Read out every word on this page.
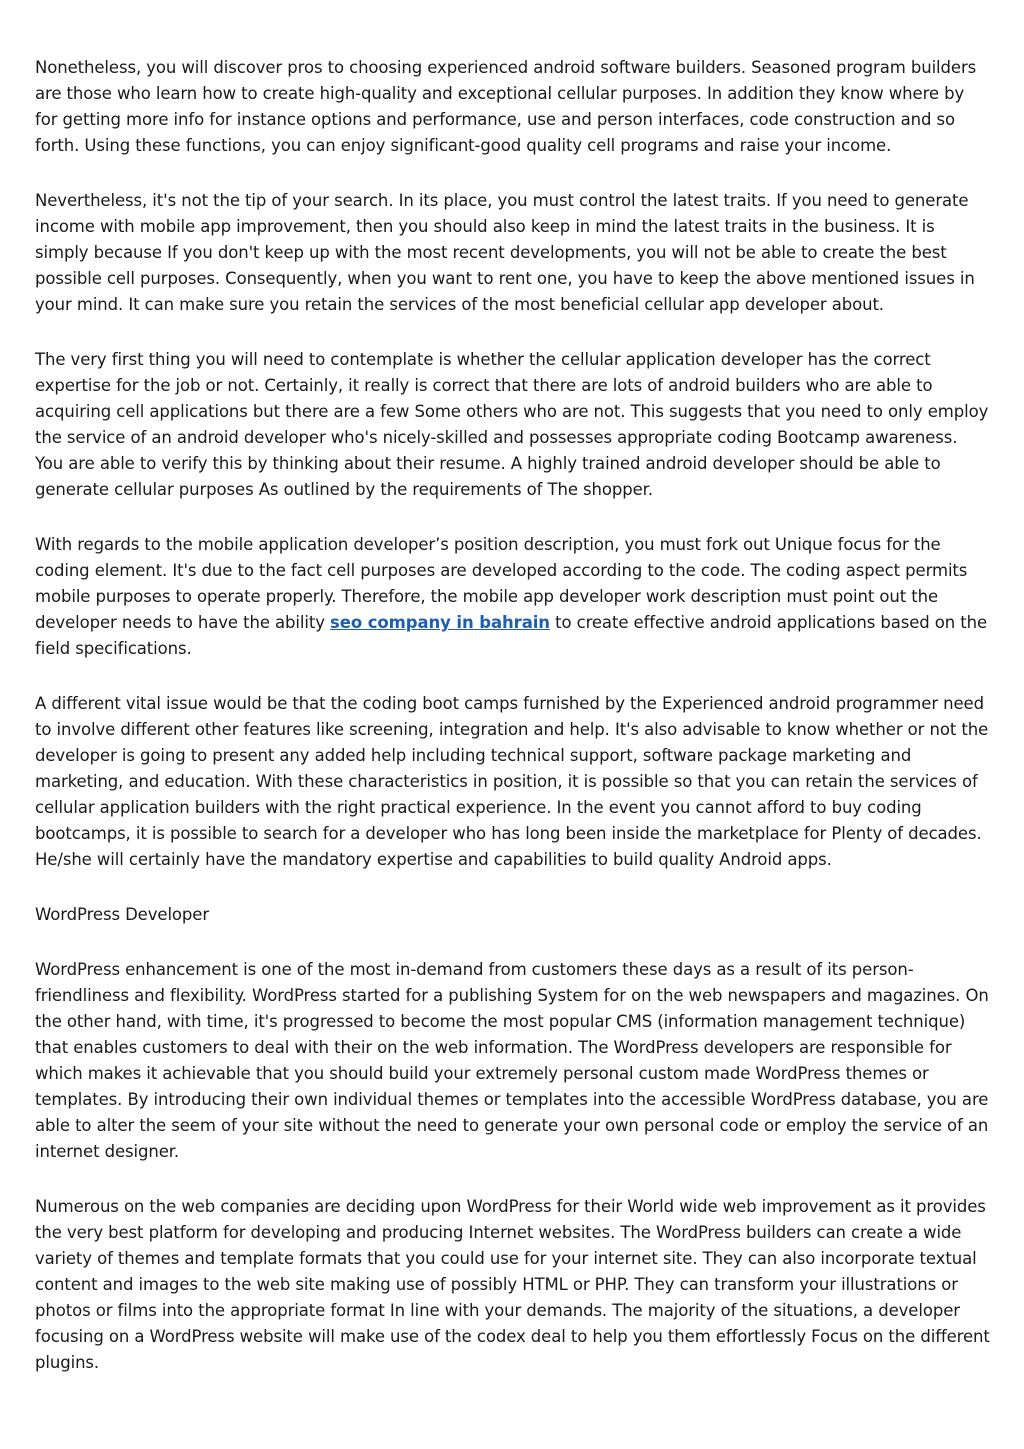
Nonetheless, you will discover pros to choosing experienced android software builders. Seasoned program builders are those who learn how to create high-quality and exceptional cellular purposes. In addition they know where by for getting more info for instance options and performance, use and person interfaces, code construction and so forth. Using these functions, you can enjoy significant-good quality cell programs and raise your income.

Nevertheless, it's not the tip of your search. In its place, you must control the latest traits. If you need to generate income with mobile app improvement, then you should also keep in mind the latest traits in the business. It is simply because If you don't keep up with the most recent developments, you will not be able to create the best possible cell purposes. Consequently, when you want to rent one, you have to keep the above mentioned issues in your mind. It can make sure you retain the services of the most beneficial cellular app developer about.

The very first thing you will need to contemplate is whether the cellular application developer has the correct expertise for the job or not. Certainly, it really is correct that there are lots of android builders who are able to acquiring cell applications but there are a few Some others who are not. This suggests that you need to only employ the service of an android developer who's nicely-skilled and possesses appropriate coding Bootcamp awareness. You are able to verify this by thinking about their resume. A highly trained android developer should be able to generate cellular purposes As outlined by the requirements of The shopper.

With regards to the mobile application developer’s position description, you must fork out Unique focus for the coding element. It's due to the fact cell purposes are developed according to the code. The coding aspect permits mobile purposes to operate properly. Therefore, the mobile app developer work description must point out the developer needs to have the ability seo company in bahrain to create effective android applications based on the field specifications.

A different vital issue would be that the coding boot camps furnished by the Experienced android programmer need to involve different other features like screening, integration and help. It's also advisable to know whether or not the developer is going to present any added help including technical support, software package marketing and marketing, and education. With these characteristics in position, it is possible so that you can retain the services of cellular application builders with the right practical experience. In the event you cannot afford to buy coding bootcamps, it is possible to search for a developer who has long been inside the marketplace for Plenty of decades. He/she will certainly have the mandatory expertise and capabilities to build quality Android apps.

WordPress Developer

WordPress enhancement is one of the most in-demand from customers these days as a result of its person-friendliness and flexibility. WordPress started for a publishing System for on the web newspapers and magazines. On the other hand, with time, it's progressed to become the most popular CMS (information management technique) that enables customers to deal with their on the web information. The WordPress developers are responsible for which makes it achievable that you should build your extremely personal custom made WordPress themes or templates. By introducing their own individual themes or templates into the accessible WordPress database, you are able to alter the seem of your site without the need to generate your own personal code or employ the service of an internet designer.

Numerous on the web companies are deciding upon WordPress for their World wide web improvement as it provides the very best platform for developing and producing Internet websites. The WordPress builders can create a wide variety of themes and template formats that you could use for your internet site. They can also incorporate textual content and images to the web site making use of possibly HTML or PHP. They can transform your illustrations or photos or films into the appropriate format In line with your demands. The majority of the situations, a developer focusing on a WordPress website will make use of the codex deal to help you them effortlessly Focus on the different plugins.
